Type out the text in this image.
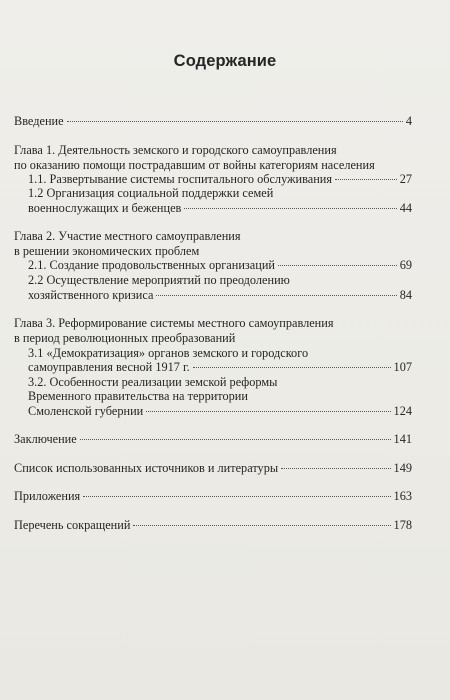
Содержание
Введение	4
Глава 1. Деятельность земского и городского самоуправления
по оказанию помощи пострадавшим от войны категориям населения
1.1. Развертывание системы госпитального обслуживания	27
1.2 Организация социальной поддержки семей
военнослужащих и беженцев	44
Глава 2. Участие местного самоуправления
в решении экономических проблем
2.1. Создание продовольственных организаций	69
2.2 Осуществление мероприятий по преодолению
хозяйственного кризиса	84
Глава 3. Реформирование системы местного самоуправления
в период революционных преобразований
3.1 «Демократизация» органов земского и городского
самоуправления весной 1917 г.	107
3.2. Особенности реализации земской реформы
Временного правительства на территории
Смоленской губернии	124
Заключение	141
Список использованных источников и литературы	149
Приложения	163
Перечень сокращений	178
